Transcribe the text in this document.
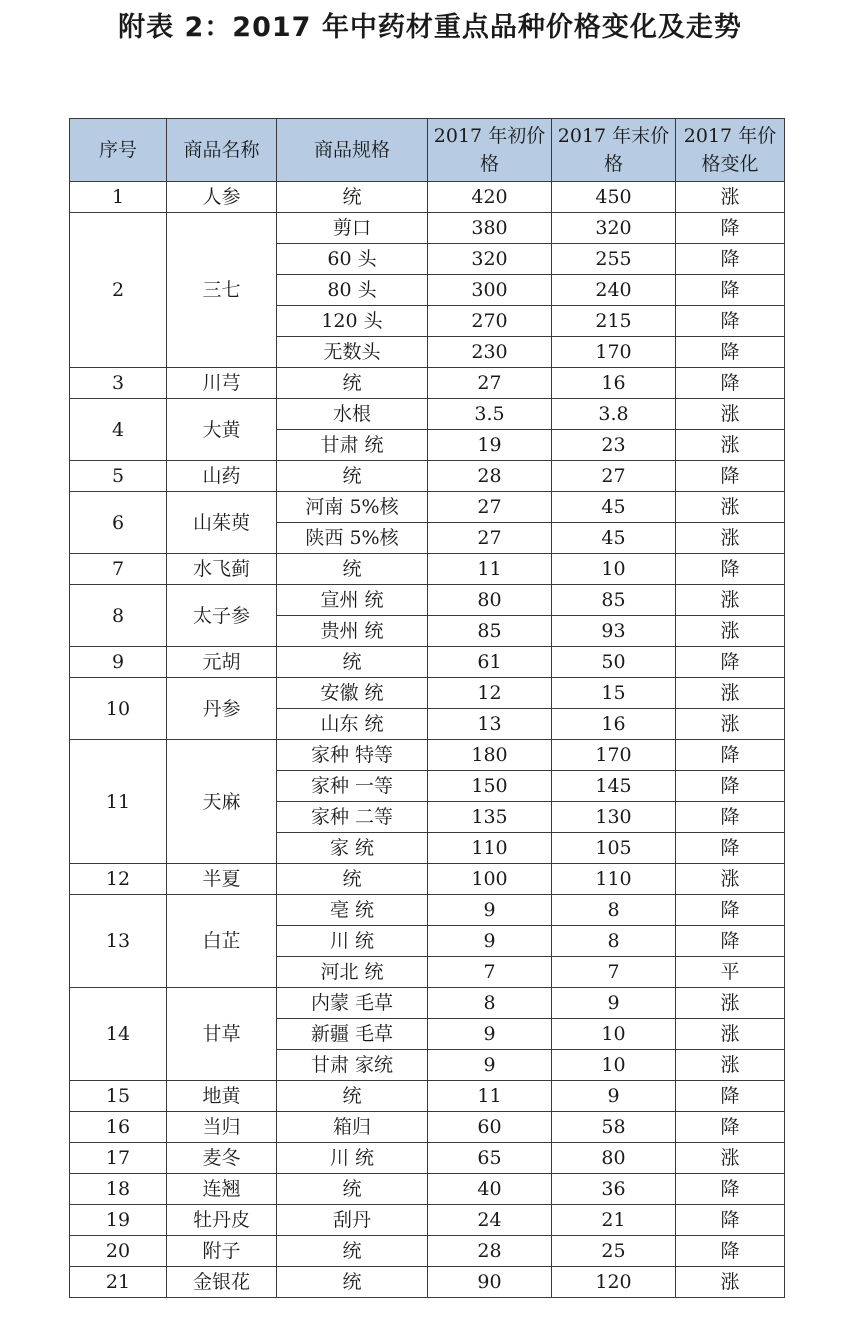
附表 2：2017 年中药材重点品种价格变化及走势
序号	商品名称	商品规格	2017 年初价格	2017 年末价格	2017 年价格变化
1	人参	统	420	450	涨
2	三七	剪口	380	320	降
		60 头	320	255	降
		80 头	300	240	降
		120 头	270	215	降
		无数头	230	170	降
3	川芎	统	27	16	降
4	大黄	水根	3.5	3.8	涨
		甘肃 统	19	23	涨
5	山药	统	28	27	降
6	山茱萸	河南 5%核	27	45	涨
		陕西 5%核	27	45	涨
7	水飞蓟	统	11	10	降
8	太子参	宣州 统	80	85	涨
		贵州 统	85	93	涨
9	元胡	统	61	50	降
10	丹参	安徽 统	12	15	涨
		山东 统	13	16	涨
11	天麻	家种 特等	180	170	降
		家种 一等	150	145	降
		家种 二等	135	130	降
		家 统	110	105	降
12	半夏	统	100	110	涨
13	白芷	亳 统	9	8	降
		川 统	9	8	降
		河北 统	7	7	平
14	甘草	内蒙 毛草	8	9	涨
		新疆 毛草	9	10	涨
		甘肃 家统	9	10	涨
15	地黄	统	11	9	降
16	当归	箱归	60	58	降
17	麦冬	川 统	65	80	涨
18	连翘	统	40	36	降
19	牡丹皮	刮丹	24	21	降
20	附子	统	28	25	降
21	金银花	统	90	120	涨
